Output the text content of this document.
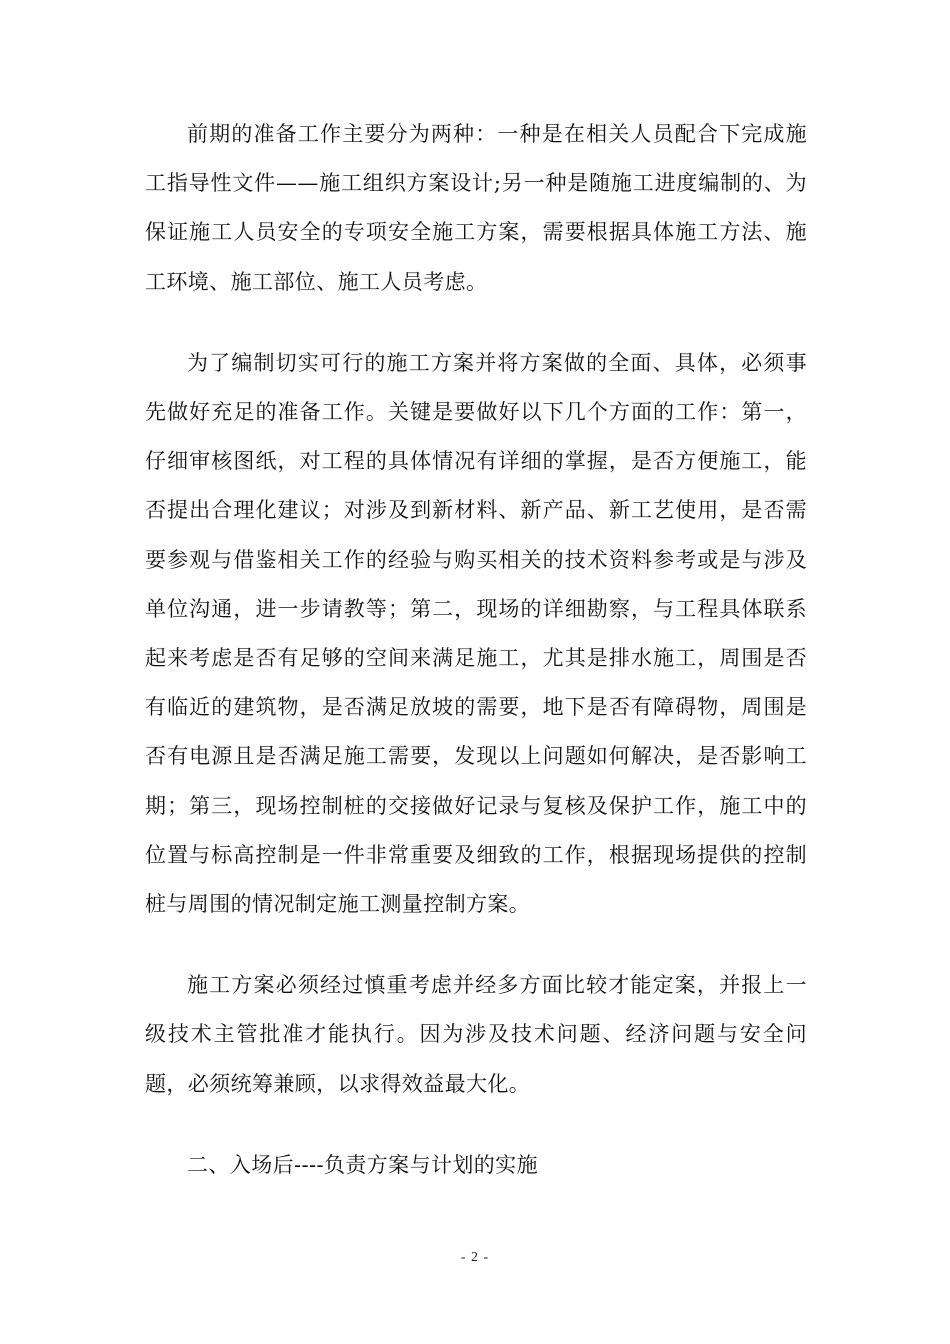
前期的准备工作主要分为两种：一种是在相关人员配合下完成施工指导性文件——施工组织方案设计;另一种是随施工进度编制的、为保证施工人员安全的专项安全施工方案，需要根据具体施工方法、施工环境、施工部位、施工人员考虑。

为了编制切实可行的施工方案并将方案做的全面、具体，必须事先做好充足的准备工作。关键是要做好以下几个方面的工作：第一，仔细审核图纸，对工程的具体情况有详细的掌握，是否方便施工，能否提出合理化建议；对涉及到新材料、新产品、新工艺使用，是否需要参观与借鉴相关工作的经验与购买相关的技术资料参考或是与涉及单位沟通，进一步请教等；第二，现场的详细勘察，与工程具体联系起来考虑是否有足够的空间来满足施工，尤其是排水施工，周围是否有临近的建筑物，是否满足放坡的需要，地下是否有障碍物，周围是否有电源且是否满足施工需要，发现以上问题如何解决，是否影响工期；第三，现场控制桩的交接做好记录与复核及保护工作，施工中的位置与标高控制是一件非常重要及细致的工作，根据现场提供的控制桩与周围的情况制定施工测量控制方案。

施工方案必须经过慎重考虑并经多方面比较才能定案，并报上一级技术主管批准才能执行。因为涉及技术问题、经济问题与安全问题，必须统筹兼顾，以求得效益最大化。

二、入场后----负责方案与计划的实施

- 2 -
